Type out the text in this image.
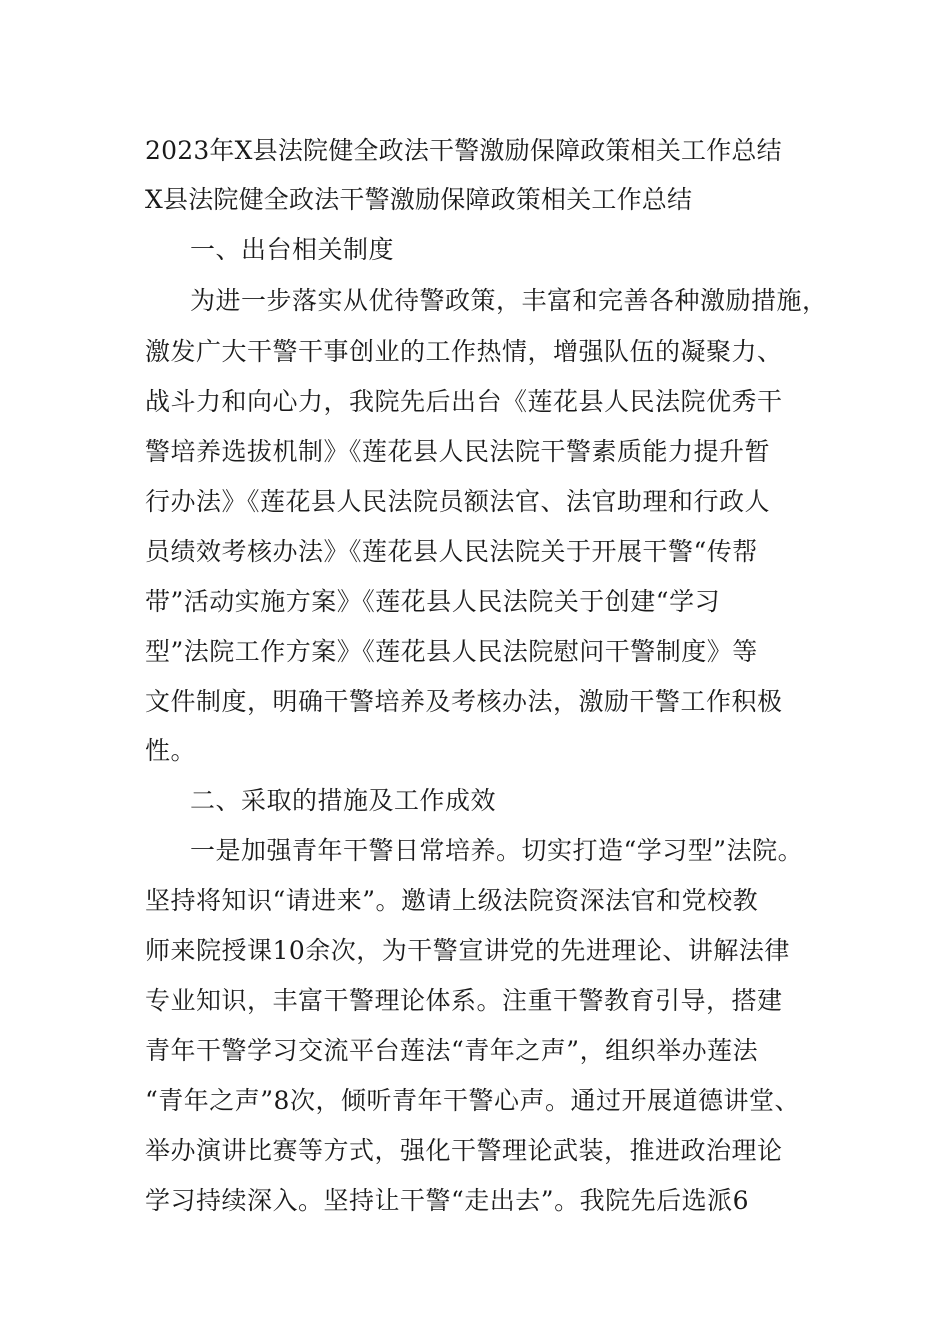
2023年X县法院健全政法干警激励保障政策相关工作总结
X县法院健全政法干警激励保障政策相关工作总结
一、出台相关制度
为进一步落实从优待警政策，丰富和完善各种激励措施，
激发广大干警干事创业的工作热情，增强队伍的凝聚力、
战斗力和向心力，我院先后出台《莲花县人民法院优秀干
警培养选拔机制》《莲花县人民法院干警素质能力提升暂
行办法》《莲花县人民法院员额法官、法官助理和行政人
员绩效考核办法》《莲花县人民法院关于开展干警“传帮
带”活动实施方案》《莲花县人民法院关于创建“学习
型”法院工作方案》《莲花县人民法院慰问干警制度》等
文件制度，明确干警培养及考核办法，激励干警工作积极
性。
二、采取的措施及工作成效
一是加强青年干警日常培养。切实打造“学习型”法院。
坚持将知识“请进来”。邀请上级法院资深法官和党校教
师来院授课10余次，为干警宣讲党的先进理论、讲解法律
专业知识，丰富干警理论体系。注重干警教育引导，搭建
青年干警学习交流平台莲法“青年之声”，组织举办莲法
“青年之声”8次，倾听青年干警心声。通过开展道德讲堂、
举办演讲比赛等方式，强化干警理论武装，推进政治理论
学习持续深入。坚持让干警“走出去”。我院先后选派6
